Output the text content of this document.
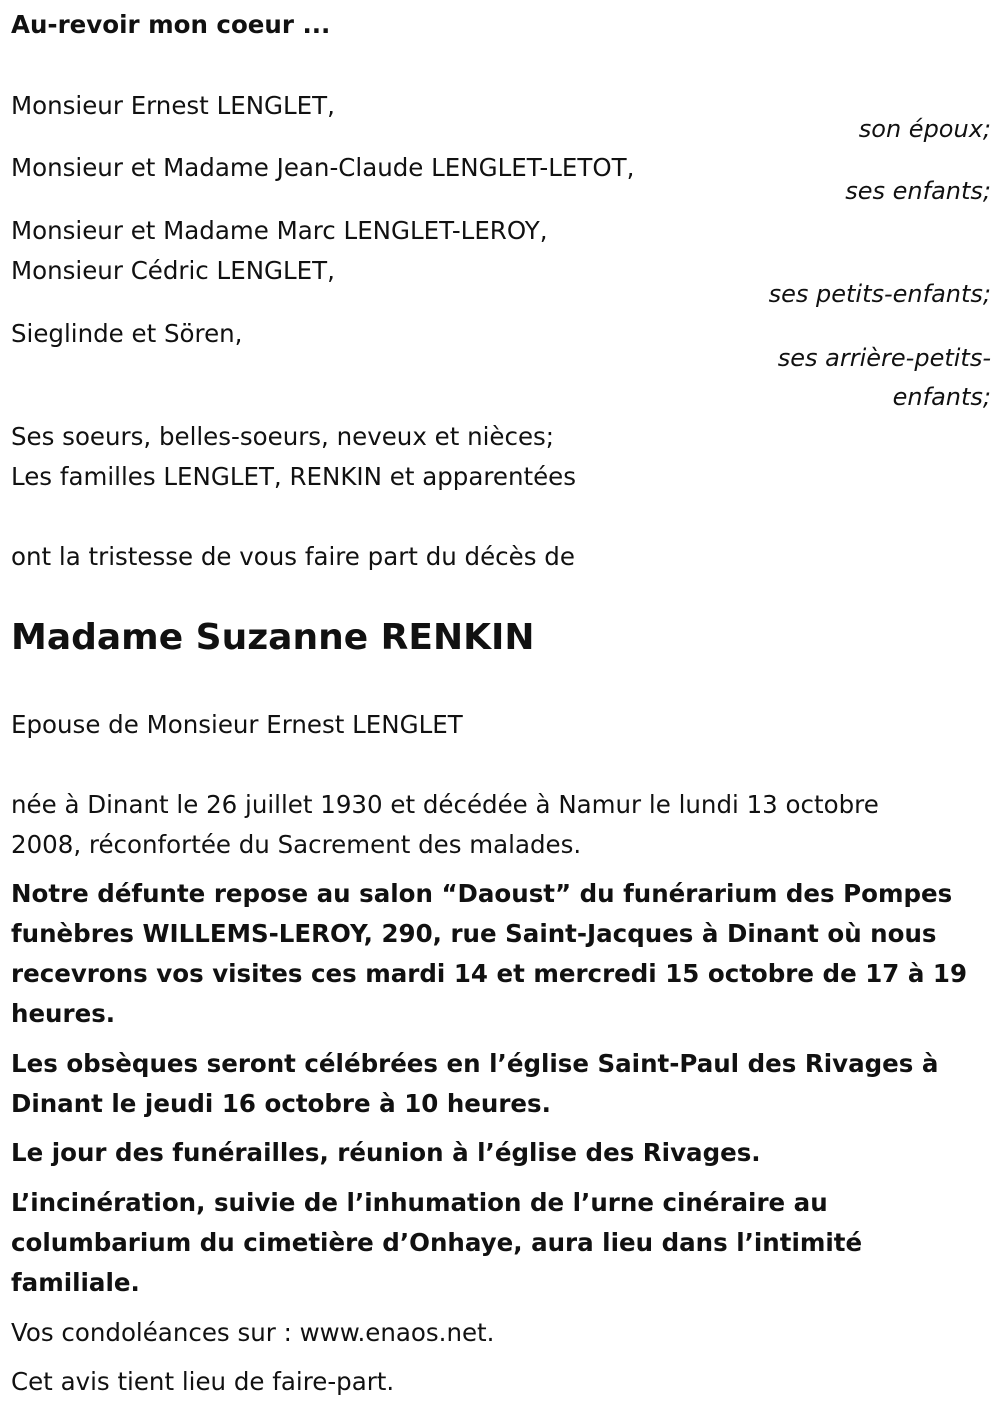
Au-revoir mon coeur ...
Monsieur Ernest LENGLET,
son époux;
Monsieur et Madame Jean-Claude LENGLET-LETOT,
ses enfants;
Monsieur et Madame Marc LENGLET-LEROY,
Monsieur Cédric LENGLET,
ses petits-enfants;
Sieglinde et Sören,
ses arrière-petits-
enfants;
Ses soeurs, belles-soeurs, neveux et nièces;
Les familles LENGLET, RENKIN et apparentées
ont la tristesse de vous faire part du décès de
Madame Suzanne RENKIN
Epouse de Monsieur Ernest LENGLET
née à Dinant le 26 juillet 1930 et décédée à Namur le lundi 13 octobre
2008, réconfortée du Sacrement des malades.
Notre défunte repose au salon “Daoust” du funérarium des Pompes
funèbres WILLEMS-LEROY, 290, rue Saint-Jacques à Dinant où nous
recevrons vos visites ces mardi 14 et mercredi 15 octobre de 17 à 19
heures.
Les obsèques seront célébrées en l’église Saint-Paul des Rivages à
Dinant le jeudi 16 octobre à 10 heures.
Le jour des funérailles, réunion à l’église des Rivages.
L’incinération, suivie de l’inhumation de l’urne cinéraire au
columbarium du cimetière d’Onhaye, aura lieu dans l’intimité
familiale.
Vos condoléances sur : www.enaos.net.
Cet avis tient lieu de faire-part.
